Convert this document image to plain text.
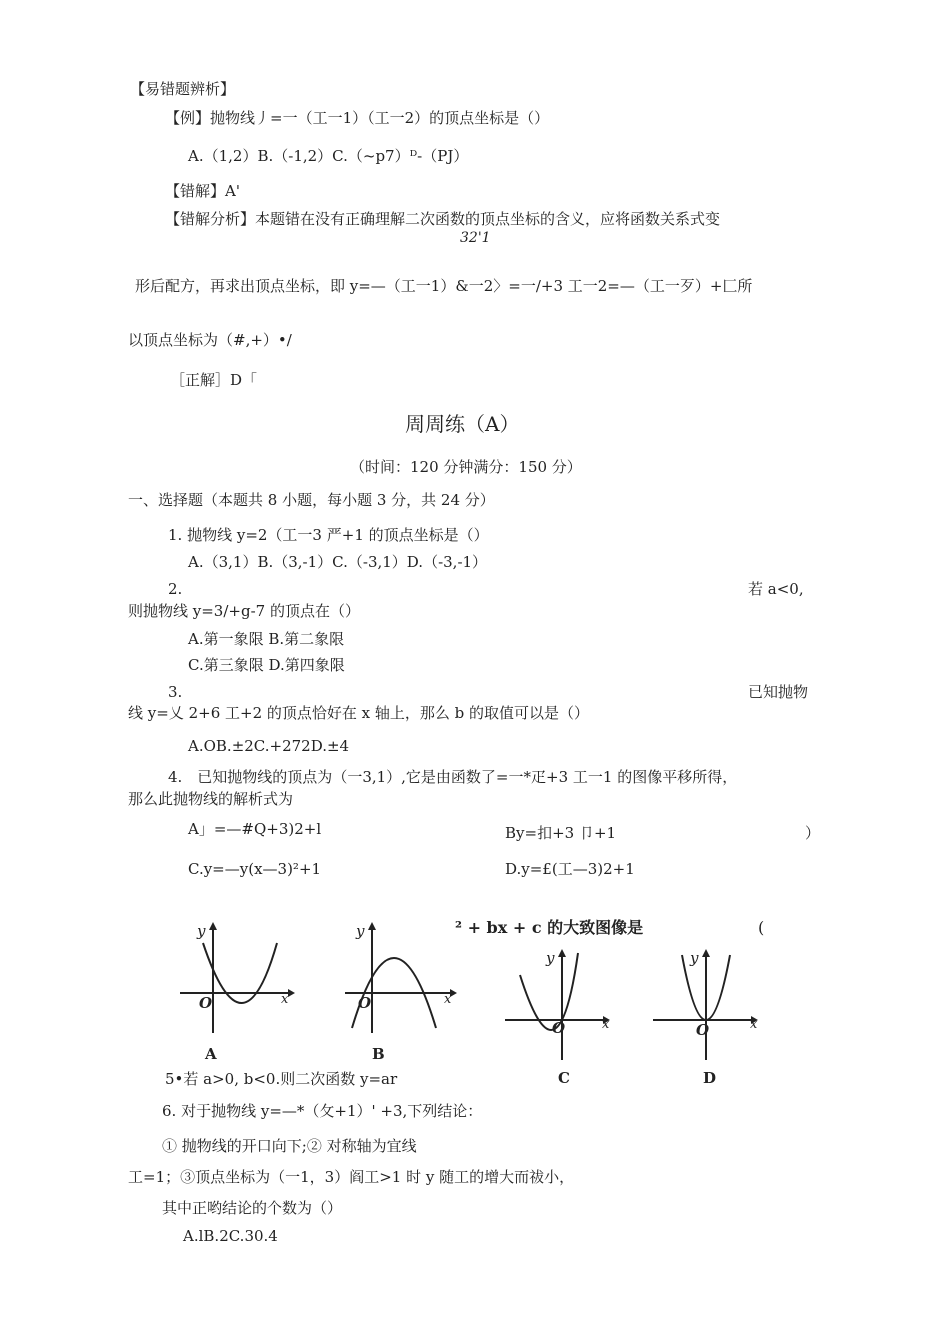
【易错题辨析】
【例】抛物线丿=一（工一1）（工一2）的顶点坐标是（）
A.（1,2）B.（-1,2）C.（~p7）ᴰ-（PJ）
【错解】A'
【错解分析】本题错在没有正确理解二次函数的顶点坐标的含义，应将函数关系式变
32'1
形后配方，再求出顶点坐标，即 y=—（工一1）&一2〉=一/+3 工一2=—（工一歹）+匚所
以顶点坐标为（#,+）•/
［正解］D「
周周练（A）
（时间：120 分钟满分：150 分）
一、选择题（本题共 8 小题，每小题 3 分，共 24 分）
1. 抛物线 y=2（工一3 严+1 的顶点坐标是（）
A.（3,1）B.（3,-1）C.（-3,1）D.（-3,-1）
2.	若 a<0,
则抛物线 y=3/+g-7 的顶点在（）
A.第一象限 B.第二象限
C.第三象限 D.第四象限
3.	已知抛物
线 y=乂 2+6 工+2 的顶点恰好在 x 轴上，那么 b 的取值可以是（）
A.OB.±2C.+272D.±4
4.　已知抛物线的顶点为（一3,1）,它是由函数了=一*疋+3 工一1 的图像平移所得，
那么此抛物线的解析式为
A」=—#Q+3)2+l	By=扣+3 卩+1	）
C.y=—y(x—3)²+1	D.y=£(工—3)2+1
² + bx + c 的大致图像是	(
y
x
O
A
y
x
O
B
y
x
O
C
y
x
O
D
5•若 a>0, b<0.则二次函数 y=ar
6. 对于抛物线 y=—*（攵+1）' +3,下列结论：
① 抛物线的开口向下;② 对称轴为宜线
工=1；③顶点坐标为（一1，3）阎工>1 时 y 随工的增大而祓小，
其中正哟结论的个数为（）
A.lB.2C.30.4
